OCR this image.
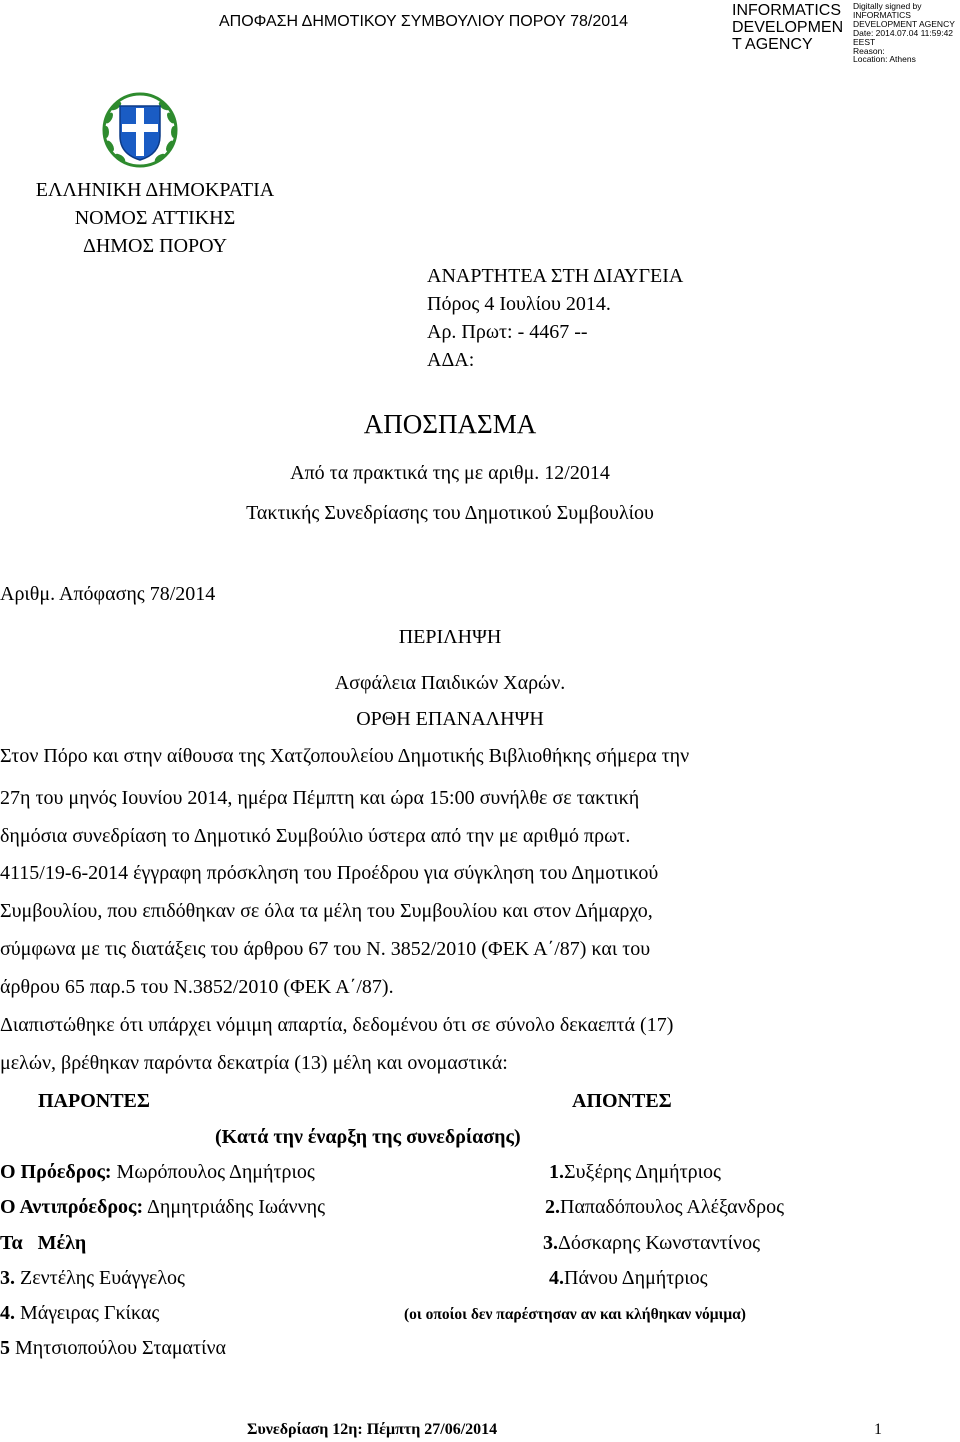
ΑΠΟΦΑΣΗ ΔΗΜΟΤΙΚΟΥ ΣΥΜΒΟΥΛΙΟΥ ΠΟΡΟΥ 78/2014
INFORMATICS
DEVELOPMEN
T AGENCY
Digitally signed by
INFORMATICS
DEVELOPMENT AGENCY
Date: 2014.07.04 11:59:42
EEST
Reason:
Location: Athens
ΕΛΛΗΝΙΚΗ ΔΗΜΟΚΡΑΤΙΑ
ΝΟΜΟΣ ΑΤΤΙΚΗΣ
ΔΗΜΟΣ ΠΟΡΟΥ
ΑΝΑΡΤΗΤΕΑ ΣΤΗ ΔΙΑΥΓΕΙΑ
Πόρος 4 Ιουλίου 2014.
Αρ. Πρωτ: - 4467 --
ΑΔΑ:
ΑΠΟΣΠΑΣΜΑ
Από τα πρακτικά της με αριθμ. 12/2014
Τακτικής Συνεδρίασης του Δημοτικού Συμβουλίου
Αριθμ. Απόφασης 78/2014
ΠΕΡΙΛΗΨΗ
Ασφάλεια Παιδικών Χαρών.
ΟΡΘΗ ΕΠΑΝΑΛΗΨΗ
Στον Πόρο και στην αίθουσα της Χατζοπουλείου Δημοτικής Βιβλιοθήκης σήμερα την
27η του μηνός Ιουνίου 2014, ημέρα Πέμπτη και ώρα 15:00 συνήλθε σε τακτική
δημόσια συνεδρίαση το Δημοτικό Συμβούλιο ύστερα από την με αριθμό πρωτ.
4115/19-6-2014 έγγραφη πρόσκληση του Προέδρου για σύγκληση του Δημοτικού
Συμβουλίου, που επιδόθηκαν σε όλα τα μέλη του Συμβουλίου και στον Δήμαρχο,
σύμφωνα με τις διατάξεις του άρθρου 67 του Ν. 3852/2010 (ΦΕΚ Α΄/87) και του
άρθρου 65 παρ.5 του Ν.3852/2010 (ΦΕΚ Α΄/87).
Διαπιστώθηκε ότι υπάρχει νόμιμη απαρτία, δεδομένου ότι σε σύνολο δεκαεπτά (17)
μελών, βρέθηκαν παρόντα δεκατρία (13) μέλη και ονομαστικά:
ΠΑΡΟΝΤΕΣ	ΑΠΟΝΤΕΣ
(Κατά την έναρξη της συνεδρίασης)
Ο Πρόεδρος: Μωρόπουλος Δημήτριος
Ο Αντιπρόεδρος: Δημητριάδης Ιωάννης
Τα   Μέλη
3. Ζεντέλης Ευάγγελος
4. Μάγειρας Γκίκας
5 Μητσιοπούλου Σταματίνα
1.Συξέρης Δημήτριος
2.Παπαδόπουλος Αλέξανδρος
3.Δόσκαρης Κωνσταντίνος
4.Πάνου Δημήτριος
(οι οποίοι δεν παρέστησαν αν και κλήθηκαν νόμιμα)
Συνεδρίαση 12η: Πέμπτη 27/06/2014	1
